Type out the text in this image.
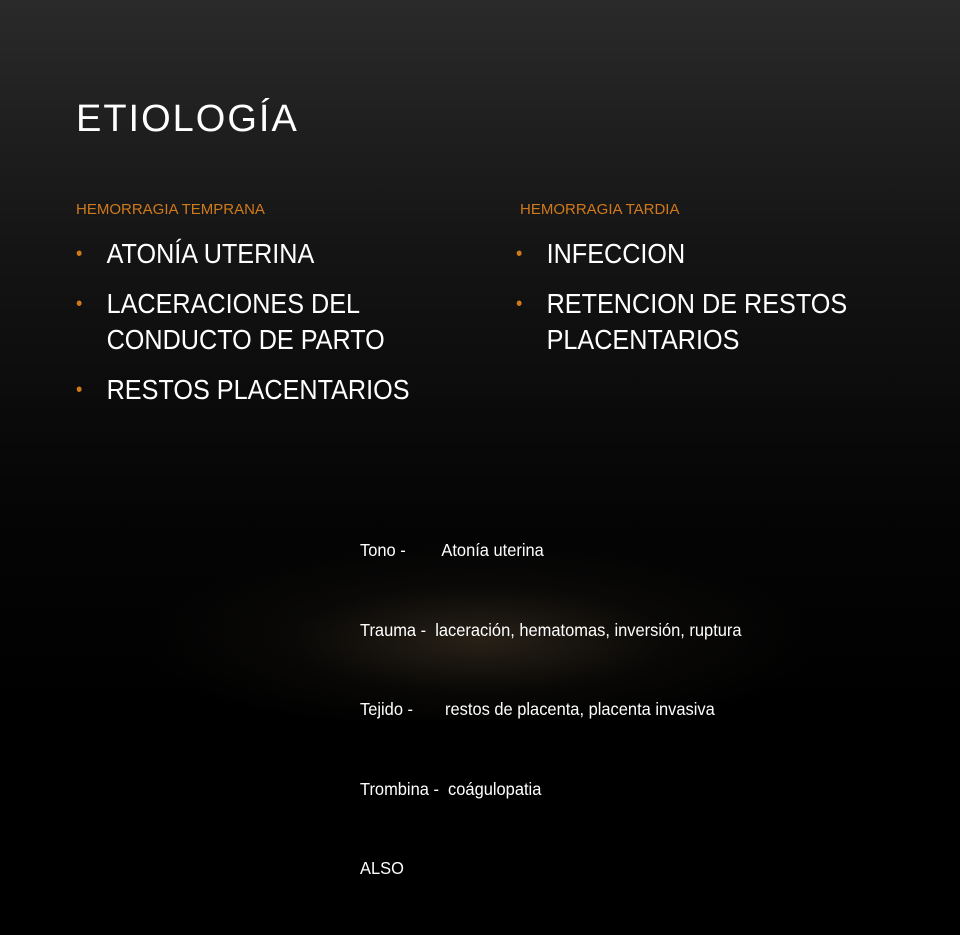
ETIOLOGÍA
HEMORRAGIA TEMPRANA	HEMORRAGIA TARDIA
• ATONÍA UTERINA
• LACERACIONES DEL CONDUCTO DE PARTO
• RESTOS PLACENTARIOS
• INFECCION
• RETENCION DE RESTOS PLACENTARIOS

Tono -        Atonía uterina

Trauma -  laceración, hematomas, inversión, ruptura

Tejido -       restos de placenta, placenta invasiva

Trombina -  coágulopatia

ALSO
